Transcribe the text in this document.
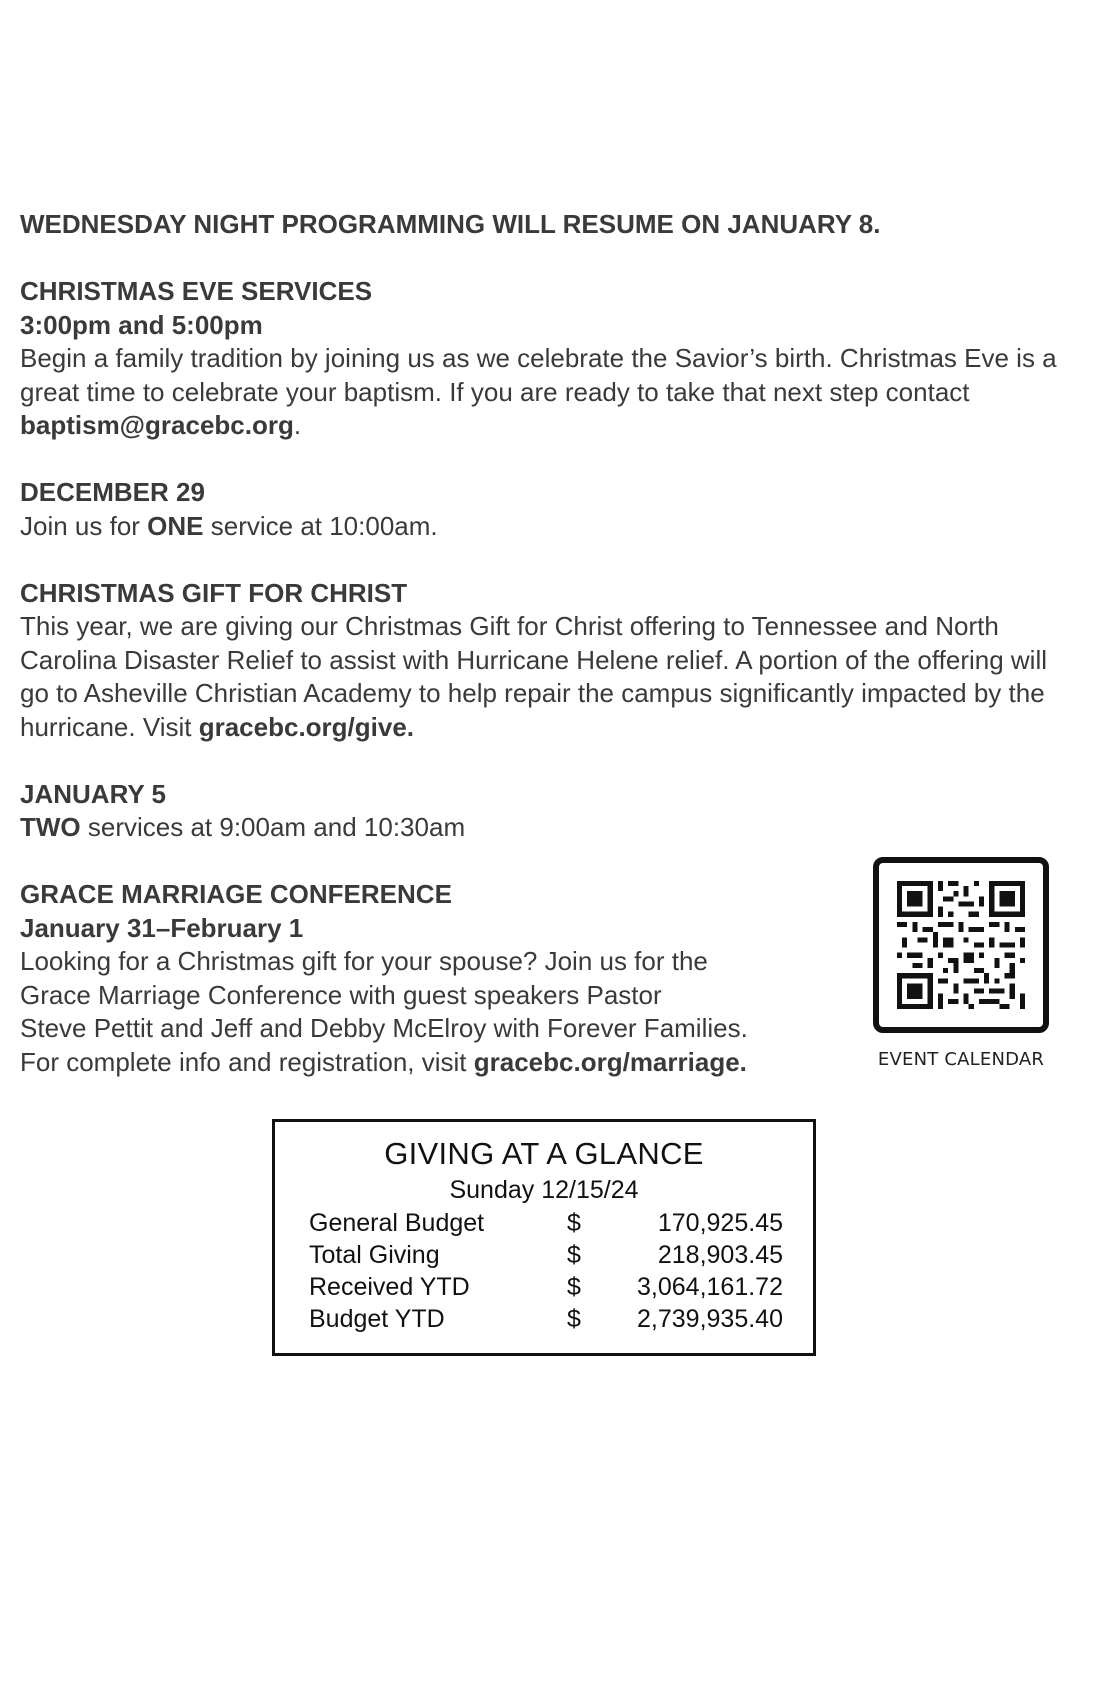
WEDNESDAY NIGHT PROGRAMMING WILL RESUME ON JANUARY 8.

CHRISTMAS EVE SERVICES

3:00pm and 5:00pm

Begin a family tradition by joining us as we celebrate the Savior’s birth. Christmas Eve is a great time to celebrate your baptism. If you are ready to take that next step contact baptism@gracebc.org.

DECEMBER 29

Join us for ONE service at 10:00am.

CHRISTMAS GIFT FOR CHRIST

This year, we are giving our Christmas Gift for Christ offering to Tennessee and North Carolina Disaster Relief to assist with Hurricane Helene relief. A portion of the offering will go to Asheville Christian Academy to help repair the campus significantly impacted by the hurricane. Visit gracebc.org/give.

JANUARY 5

TWO services at 9:00am and 10:30am

GRACE MARRIAGE CONFERENCE

January 31–February 1

Looking for a Christmas gift for your spouse? Join us for the

Grace Marriage Conference with guest speakers Pastor

Steve Pettit and Jeff and Debby McElroy with Forever Families.

For complete info and registration, visit gracebc.org/marriage.	EVENT CALENDAR
GIVING AT A GLANCE
Sunday 12/15/24
General Budget	$	170,925.45
Total Giving	$	218,903.45
Received YTD	$	3,064,161.72
Budget YTD	$	2,739,935.40
